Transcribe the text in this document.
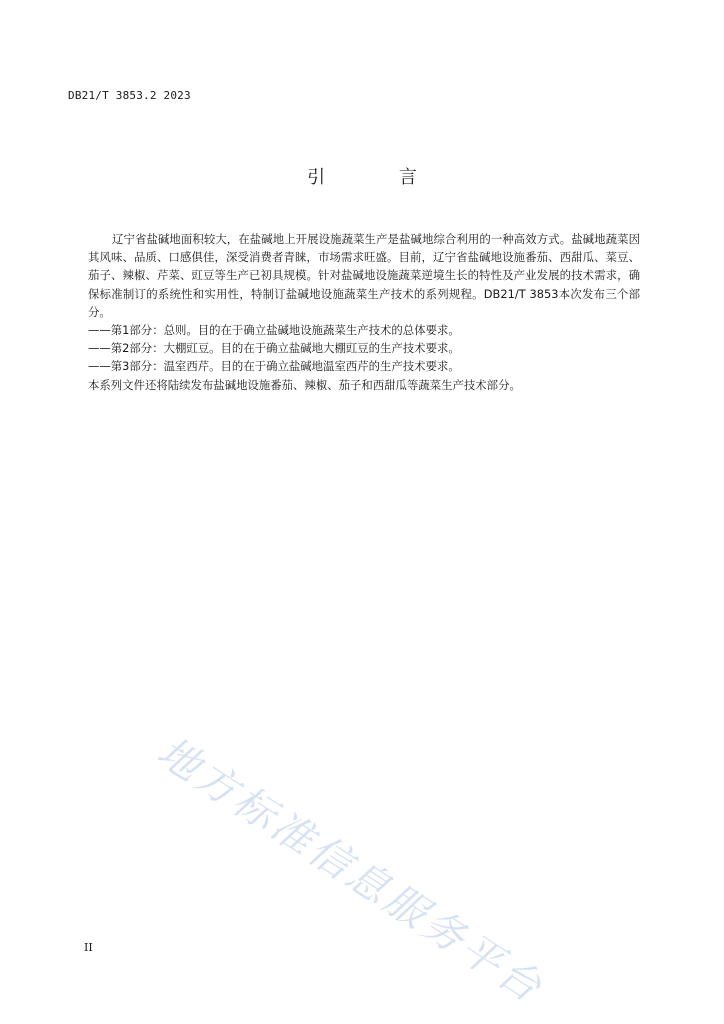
DB21/T 3853.2 2023
引 言

辽宁省盐碱地面积较大，在盐碱地上开展设施蔬菜生产是盐碱地综合利用的一种高效方式。盐碱地蔬菜因其风味、品质、口感俱佳，深受消费者青睐，市场需求旺盛。目前，辽宁省盐碱地设施番茄、西甜瓜、菜豆、茄子、辣椒、芹菜、豇豆等生产已初具规模。针对盐碱地设施蔬菜逆境生长的特性及产业发展的技术需求，确保标准制订的系统性和实用性，特制订盐碱地设施蔬菜生产技术的系列规程。DB21/T 3853本次发布三个部分。

——第1部分：总则。目的在于确立盐碱地设施蔬菜生产技术的总体要求。

——第2部分：大棚豇豆。目的在于确立盐碱地大棚豇豆的生产技术要求。

——第3部分：温室西芹。目的在于确立盐碱地温室西芹的生产技术要求。

本系列文件还将陆续发布盐碱地设施番茄、辣椒、茄子和西甜瓜等蔬菜生产技术部分。

地方标准信息服务平台
II
